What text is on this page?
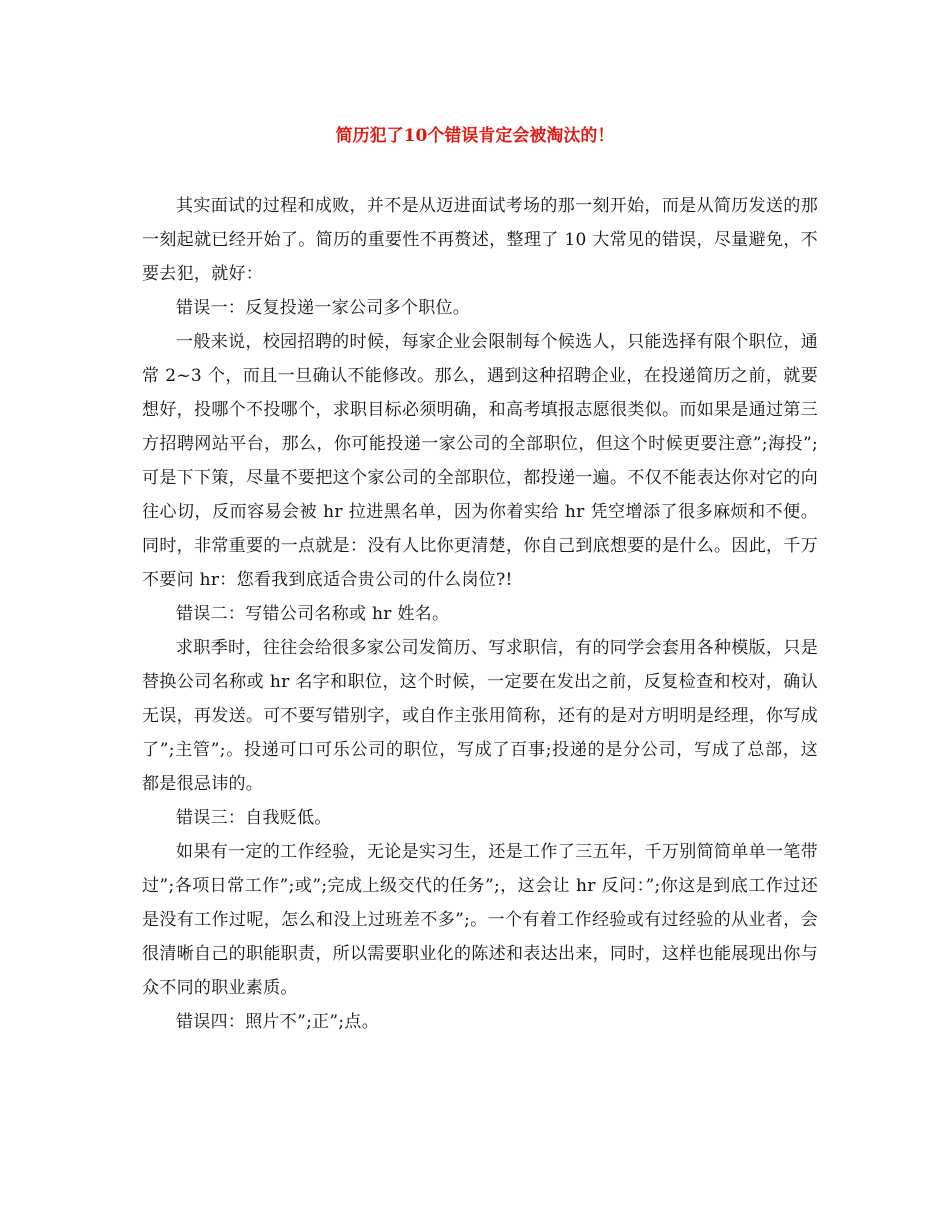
简历犯了10个错误肯定会被淘汰的！

其实面试的过程和成败，并不是从迈进面试考场的那一刻开始，而是从简历发送的那一刻起就已经开始了。简历的重要性不再赘述，整理了 10 大常见的错误，尽量避免，不要去犯，就好：

错误一：反复投递一家公司多个职位。

一般来说，校园招聘的时候，每家企业会限制每个候选人，只能选择有限个职位，通常 2~3 个，而且一旦确认不能修改。那么，遇到这种招聘企业，在投递简历之前，就要想好，投哪个不投哪个，求职目标必须明确，和高考填报志愿很类似。而如果是通过第三方招聘网站平台，那么，你可能投递一家公司的全部职位，但这个时候更要注意”;海投”;可是下下策，尽量不要把这个家公司的全部职位，都投递一遍。不仅不能表达你对它的向往心切，反而容易会被 hr 拉进黑名单，因为你着实给 hr 凭空增添了很多麻烦和不便。同时，非常重要的一点就是：没有人比你更清楚，你自己到底想要的是什么。因此，千万不要问 hr：您看我到底适合贵公司的什么岗位?!

错误二：写错公司名称或 hr 姓名。

求职季时，往往会给很多家公司发简历、写求职信，有的同学会套用各种模版，只是替换公司名称或 hr 名字和职位，这个时候，一定要在发出之前，反复检查和校对，确认无误，再发送。可不要写错别字，或自作主张用简称，还有的是对方明明是经理，你写成了”;主管”;。投递可口可乐公司的职位，写成了百事;投递的是分公司，写成了总部，这都是很忌讳的。

错误三：自我贬低。

如果有一定的工作经验，无论是实习生，还是工作了三五年，千万别简简单单一笔带过”;各项日常工作”;或”;完成上级交代的任务”;，这会让 hr 反问：”;你这是到底工作过还是没有工作过呢，怎么和没上过班差不多”;。一个有着工作经验或有过经验的从业者，会很清晰自己的职能职责，所以需要职业化的陈述和表达出来，同时，这样也能展现出你与众不同的职业素质。

错误四：照片不”;正”;点。
